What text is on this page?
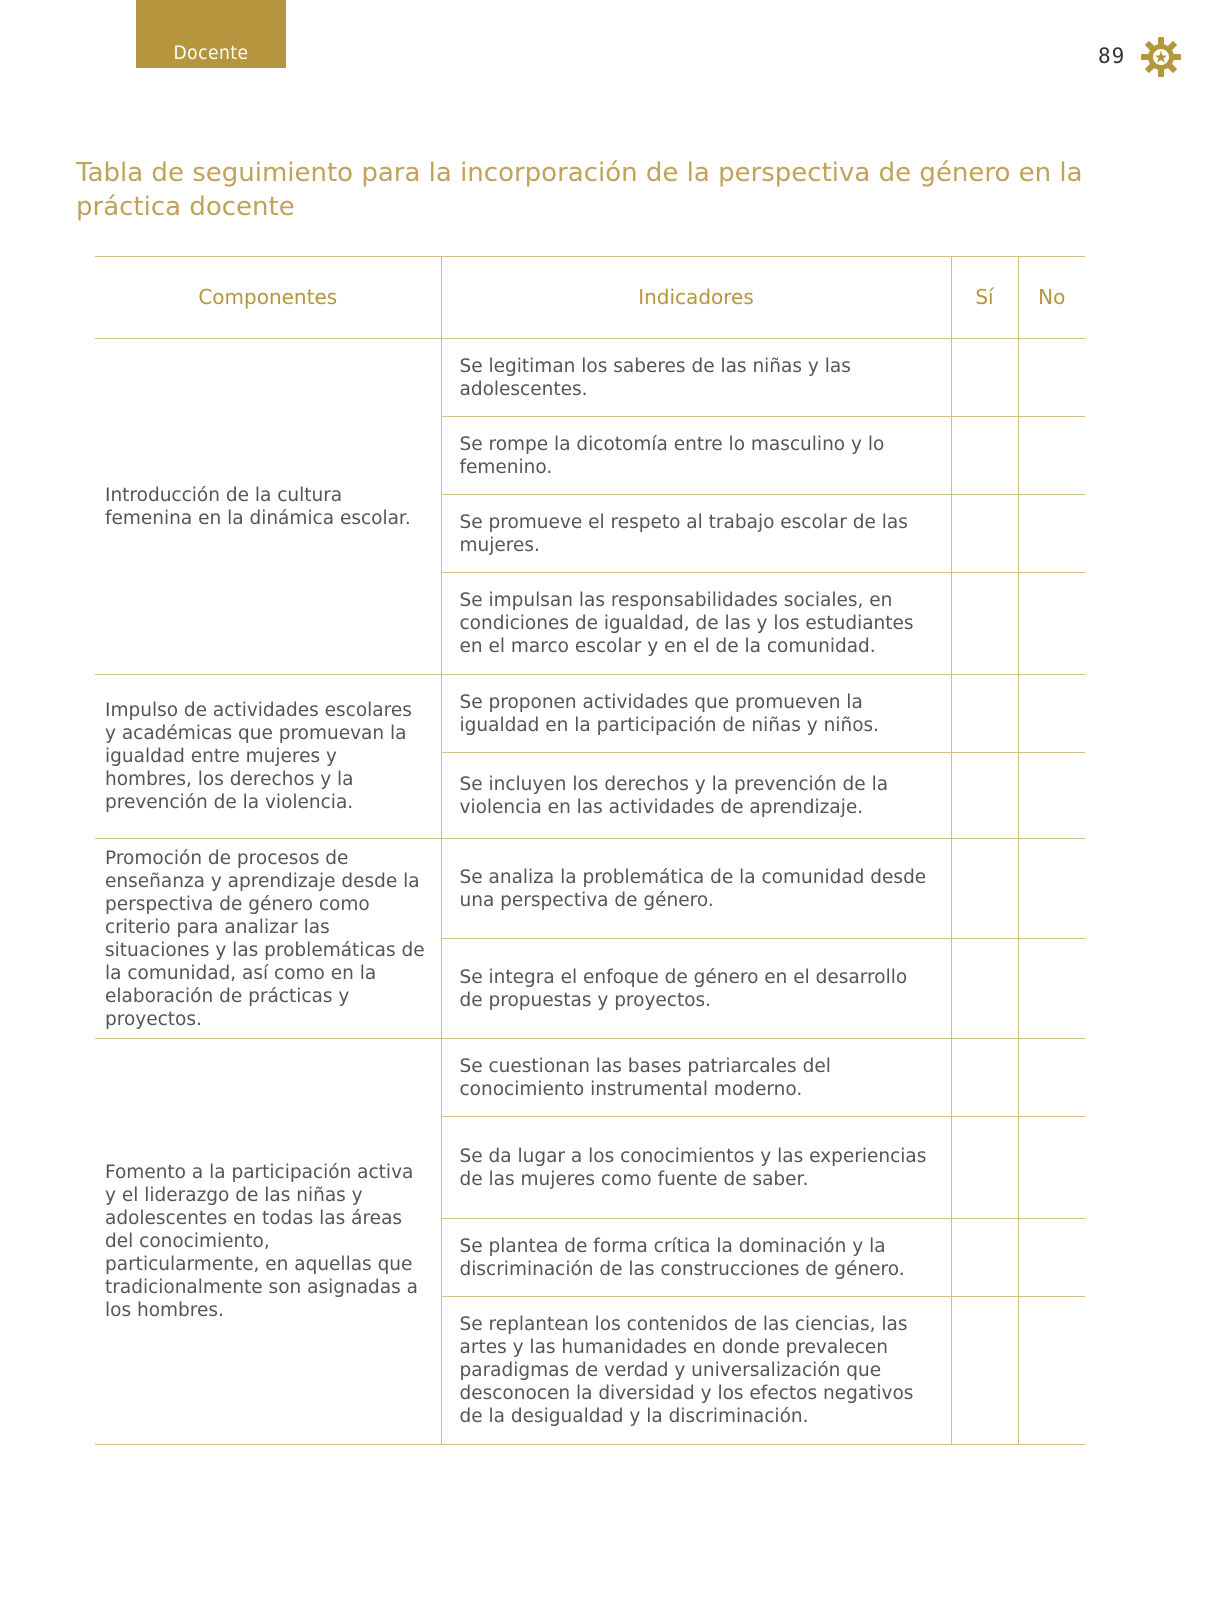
Docente	89
Tabla de seguimiento para la incorporación de la perspectiva de género en la práctica docente
Componentes	Indicadores	Sí	No

Introducción de la cultura femenina en la dinámica escolar.	Se legitiman los saberes de las niñas y las adolescentes.		
	Se rompe la dicotomía entre lo masculino y lo femenino.		
	Se promueve el respeto al trabajo escolar de las mujeres.		
	Se impulsan las responsabilidades sociales, en condiciones de igualdad, de las y los estudiantes en el marco escolar y en el de la comunidad.		

Impulso de actividades escolares y académicas que promuevan la igualdad entre mujeres y hombres, los derechos y la prevención de la violencia.	Se proponen actividades que promueven la igualdad en la participación de niñas y niños.		
	Se incluyen los derechos y la prevención de la violencia en las actividades de aprendizaje.		

Promoción de procesos de enseñanza y aprendizaje desde la perspectiva de género como criterio para analizar las situaciones y las problemáticas de la comunidad, así como en la elaboración de prácticas y proyectos.	Se analiza la problemática de la comunidad desde una perspectiva de género.		
	Se integra el enfoque de género en el desarrollo de propuestas y proyectos.		

Fomento a la participación activa y el liderazgo de las niñas y adolescentes en todas las áreas del conocimiento, particularmente, en aquellas que tradicionalmente son asignadas a los hombres.	Se cuestionan las bases patriarcales del conocimiento instrumental moderno.		
	Se da lugar a los conocimientos y las experiencias de las mujeres como fuente de saber.		
	Se plantea de forma crítica la dominación y la discriminación de las construcciones de género.		
	Se replantean los contenidos de las ciencias, las artes y las humanidades en donde prevalecen paradigmas de verdad y universalización que desconocen la diversidad y los efectos negativos de la desigualdad y la discriminación.		
